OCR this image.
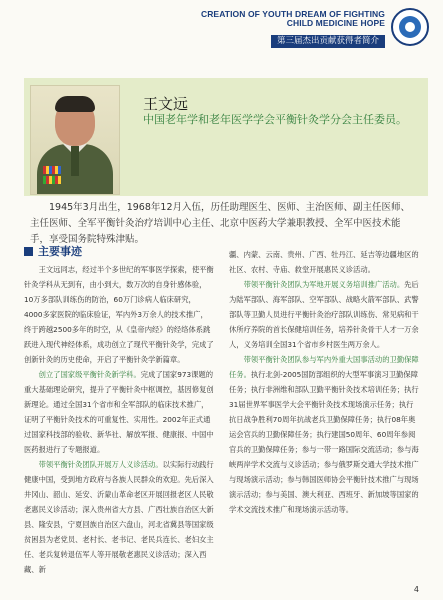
CREATION OF YOUTH DREAM OF FIGHTING
CHILD MEDICINE HOPE
第三届杰出贡献获得者简介
王文远
中国老年学和老年医学学会平衡针灸学分会主任委员。

1945年3月出生，1968年12月入伍，历任助理医生、医师、主治医师、副主任医师、主任医师、全军平衡针灸治疗培训中心主任、北京中医药大学兼职教授、全军中医技术能手，享受国务院特殊津贴。

主要事迹

王文远同志，经过半个多世纪的军事医学探索，使平衡针灸学科从无到有，由小到大，数万次的自身针感体验，10万多部队训练伤的防治，60万门诊病人临床研究，4000多家医院的临床验证，军内外3万余人的技术推广，终于跨越2500多年的时空，从《皇帝内经》的经络体系跳跃进入现代神经体系，成功创立了现代平衡针灸学，完成了创新针灸的历史使命，开启了平衡针灸学新篇章。

创立了国家级平衡针灸新学科。完成了国家973课题的重大基础理论研究，提升了平衡针灸中枢调控，基因修复创新理论。通过全国31个省市和全军部队的临床技术推广，证明了平衡针灸技术的可重复性、实用性。2002年正式通过国家科技部的验收、新华社、解放军报、健康报、中国中医药报进行了专题报道。

带领平衡针灸团队开展万人义诊活动。以实际行动践行健康中国，受到地方政府与各族人民群众的欢迎。先后深入井冈山、韶山、延安、沂蒙山革命老区开展回报老区人民敬老惠民义诊活动；深入贵州省大方县、广西壮族自治区大新县、隆安县，宁夏回族自治区六盘山，河北省冀县等国家级贫困县为老党员、老村长、老书记、老民兵连长、老妇女主任、老兵复转退伍军人等开展敬老惠民义诊活动；深入西藏、新

疆、内蒙、云南、贵州、广西、牡丹江、延吉等边疆地区的社区、农村、寺庙、救堂开展惠民义诊活动。

带领平衡针灸团队为军地开展义务培训推广活动。先后为陆军部队、海军部队、空军部队、战略火箭军部队、武警部队等卫勤人员进行平衡针灸治疗部队训练伤、常见病和干休所疗养院的首长保健培训任务，培养针灸骨干人才一万余人，义务培训全国31个省市乡村医生两万余人。

带领平衡针灸团队参与军内外重大国事活动的卫勤保障任务。执行北剑-2005国防部组织的大型军事演习卫勤保障任务；执行非洲维和部队卫勤平衡针灸技术培训任务；执行31届世界军事医学大会平衡针灸技术现场演示任务；执行抗日战争胜利70周年抗战老兵卫勤保障任务；执行08年奥运会官兵的卫勤保障任务；执行建国50周年、60周年参阅官兵的卫勤保障任务；参与一带一路国际交流活动；参与海峡两岸学术交流与义诊活动；参与俄罗斯交通大学技术推广与现场演示活动；参与韩国医师协会平衡针技术推广与现场演示活动；参与美国、澳大利亚、西班牙、新加坡等国家的学术交流技术推广和现场演示活动等。

4
